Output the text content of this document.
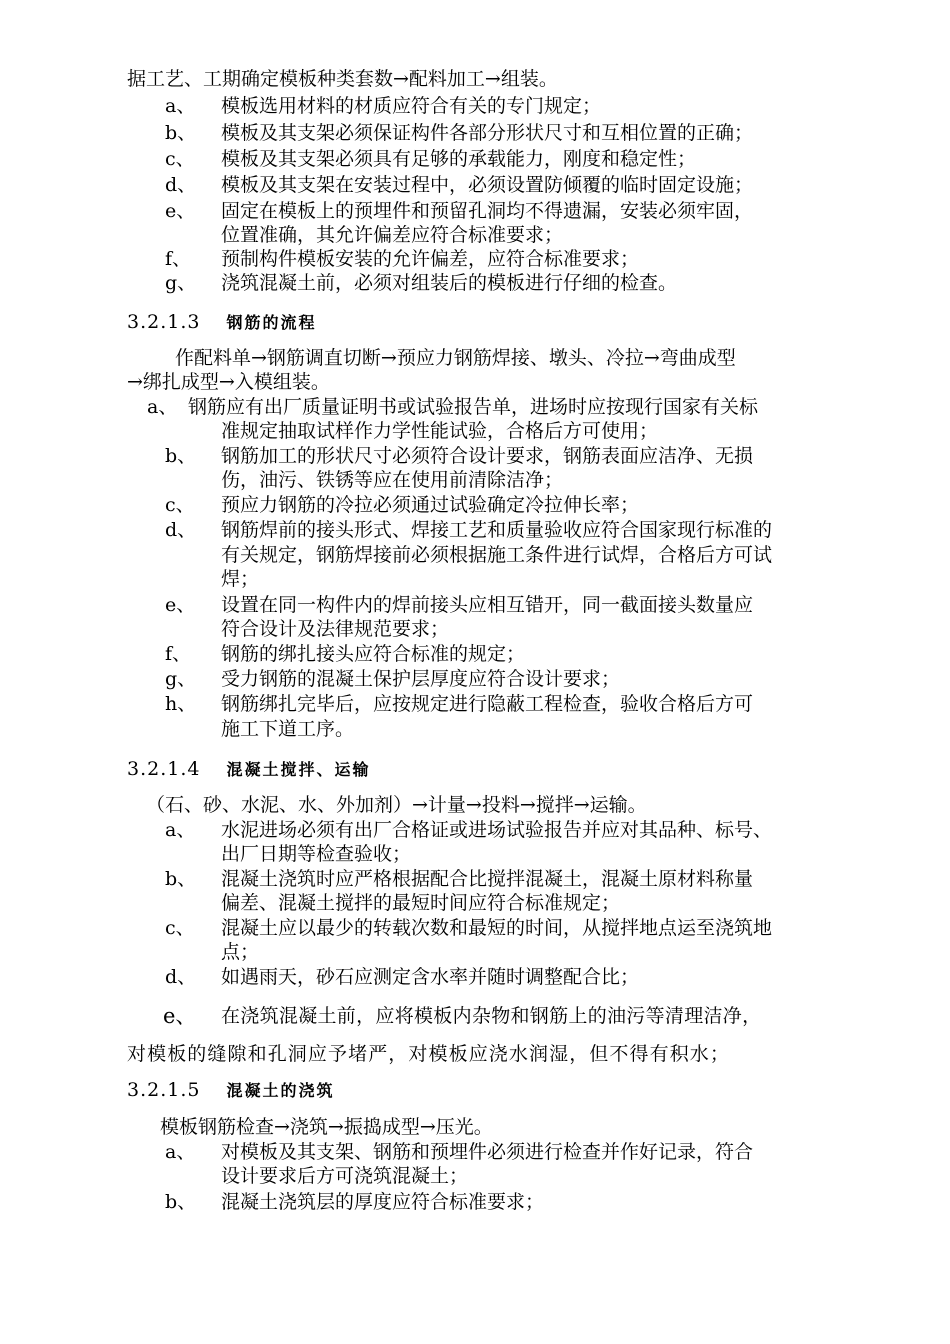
据工艺、工期确定模板种类套数→配料加工→组装。
a、 模板选用材料的材质应符合有关的专门规定；
b、 模板及其支架必须保证构件各部分形状尺寸和互相位置的正确；
c、 模板及其支架必须具有足够的承载能力，刚度和稳定性；
d、 模板及其支架在安装过程中，必须设置防倾覆的临时固定设施；
e、 固定在模板上的预埋件和预留孔洞均不得遗漏，安装必须牢固，
位置准确，其允许偏差应符合标准要求；
f、 预制构件模板安装的允许偏差，应符合标准要求；
g、 浇筑混凝土前，必须对组装后的模板进行仔细的检查。
3.2.1.3 钢筋的流程
作配料单→钢筋调直切断→预应力钢筋焊接、墩头、冷拉→弯曲成型
→绑扎成型→入模组装。
a、 钢筋应有出厂质量证明书或试验报告单，进场时应按现行国家有关标
准规定抽取试样作力学性能试验，合格后方可使用；
b、 钢筋加工的形状尺寸必须符合设计要求，钢筋表面应洁净、无损
伤，油污、铁锈等应在使用前清除洁净；
c、 预应力钢筋的冷拉必须通过试验确定冷拉伸长率；
d、 钢筋焊前的接头形式、焊接工艺和质量验收应符合国家现行标准的
有关规定，钢筋焊接前必须根据施工条件进行试焊，合格后方可试
焊；
e、 设置在同一构件内的焊前接头应相互错开，同一截面接头数量应
符合设计及法律规范要求；
f、 钢筋的绑扎接头应符合标准的规定；
g、 受力钢筋的混凝土保护层厚度应符合设计要求；
h、 钢筋绑扎完毕后，应按规定进行隐蔽工程检查，验收合格后方可
施工下道工序。
3.2.1.4 混凝土搅拌、运输
（石、砂、水泥、水、外加剂）→计量→投料→搅拌→运输。
a、 水泥进场必须有出厂合格证或进场试验报告并应对其品种、标号、
出厂日期等检查验收；
b、 混凝土浇筑时应严格根据配合比搅拌混凝土，混凝土原材料称量
偏差、混凝土搅拌的最短时间应符合标准规定；
c、 混凝土应以最少的转载次数和最短的时间，从搅拌地点运至浇筑地
点；
d、 如遇雨天，砂石应测定含水率并随时调整配合比；
e、 在浇筑混凝土前，应将模板内杂物和钢筋上的油污等清理洁净，
对模板的缝隙和孔洞应予堵严，对模板应浇水润湿，但不得有积水；
3.2.1.5 混凝土的浇筑
模板钢筋检查→浇筑→振捣成型→压光。
a、 对模板及其支架、钢筋和预埋件必须进行检查并作好记录，符合
设计要求后方可浇筑混凝土；
b、 混凝土浇筑层的厚度应符合标准要求；
